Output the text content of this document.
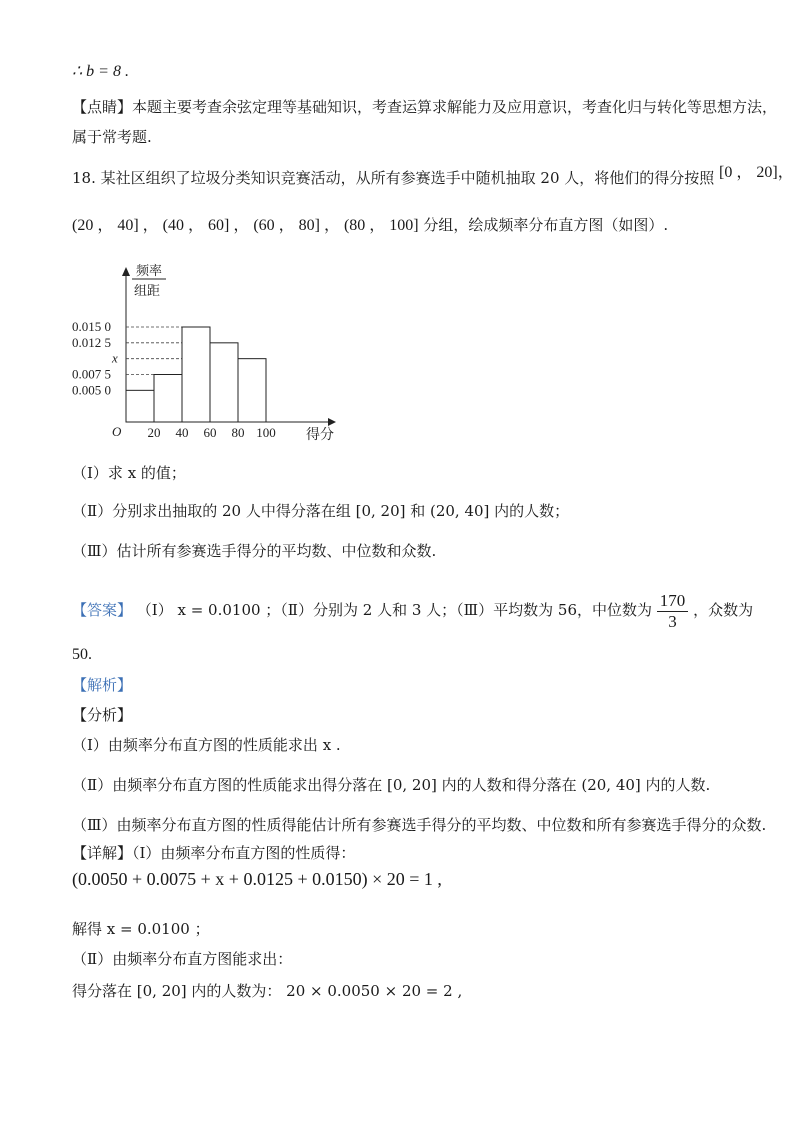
∴ b = 8 .
【点睛】本题主要考查余弦定理等基础知识，考查运算求解能力及应用意识，考查化归与转化等思想方法，
属于常考题.
18. 某社区组织了垃圾分类知识竞赛活动，从所有参赛选手中随机抽取 20 人，将他们的得分按照 [0 ， 20]，
(20 ， 40] ， (40 ， 60] ， (60 ， 80] ， (80 ， 100] 分组，绘成频率分布直方图（如图）.
频率
组距
得分
O
0.015 0
0.012 5
x
0.007 5
0.005 0
20 40 60 80 100
（Ⅰ）求 x 的值；
（Ⅱ）分别求出抽取的 20 人中得分落在组 [0, 20] 和 (20, 40] 内的人数；
（Ⅲ）估计所有参赛选手得分的平均数、中位数和众数.
【答案】 （Ⅰ） x = 0.0100 ；（Ⅱ）分别为 2 人和 3 人；（Ⅲ）平均数为 56，中位数为 $\frac{170}{3}$ ，众数为
50.
【解析】
【分析】
（Ⅰ）由频率分布直方图的性质能求出 x .
（Ⅱ）由频率分布直方图的性质能求出得分落在 [0, 20] 内的人数和得分落在 (20, 40] 内的人数.
（Ⅲ）由频率分布直方图的性质得能估计所有参赛选手得分的平均数、中位数和所有参赛选手得分的众数.
【详解】（Ⅰ）由频率分布直方图的性质得：
(0.0050 + 0.0075 + x + 0.0125 + 0.0150) × 20 = 1 ,
解得 x = 0.0100 ；
（Ⅱ）由频率分布直方图能求出：
得分落在 [0, 20] 内的人数为： 20 × 0.0050 × 20 = 2 ,
